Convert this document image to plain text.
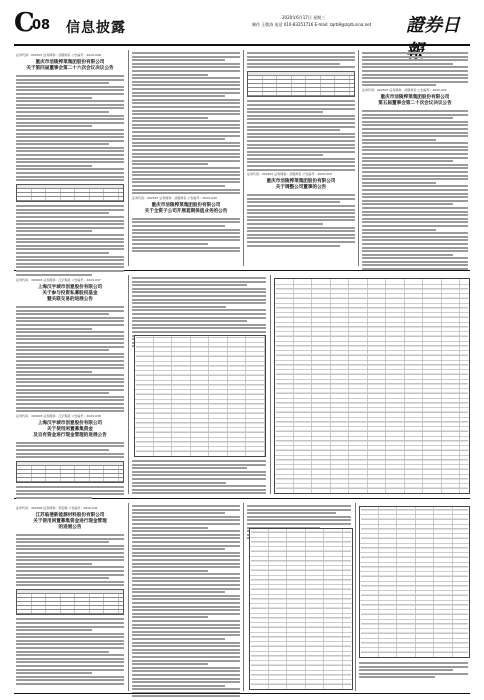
C
08 信息披露
2020年6月17日 星期三
制作 王敬涛 电话 010-83251716 E-mail: zqrb9@zqrb.sina.net 證券日報
证券代码：002507 证券简称：涪陵榨菜 公告编号：2020-048
重庆市涪陵榨菜集团股份有限公司
关于第四届董事会第二十六次会议决议公告
证券代码：002507 证券简称：涪陵榨菜 公告编号：2020-049
重庆市涪陵榨菜集团股份有限公司
关于全资子公司开展套期保值业务的公告
证券代码：002507 证券简称：涪陵榨菜 公告编号：2020-050
重庆市涪陵榨菜集团股份有限公司
关于调整公司董事的公告
证券代码：002507 证券简称：涪陵榨菜 公告编号：2020-051
重庆市涪陵榨菜集团股份有限公司
第五届董事会第二十次会议决议公告
证券代码：300403 证券简称：汉宇集团 公告编号：2020-037
上海汉宇城市创意股份有限公司
关于参与投资私募股权基金
暨关联交易的进展公告
证券代码：300403 证券简称：汉宇集团 公告编号：2020-038
上海汉宇城市创意股份有限公司
关于使用闲置募集资金
及自有资金进行现金管理的进展公告
证券代码：300596 证券简称：利安隆 公告编号：2020-041
江苏临港新能源材料股份有限公司
关于使用闲置募集资金进行现金管理
的进展公告
